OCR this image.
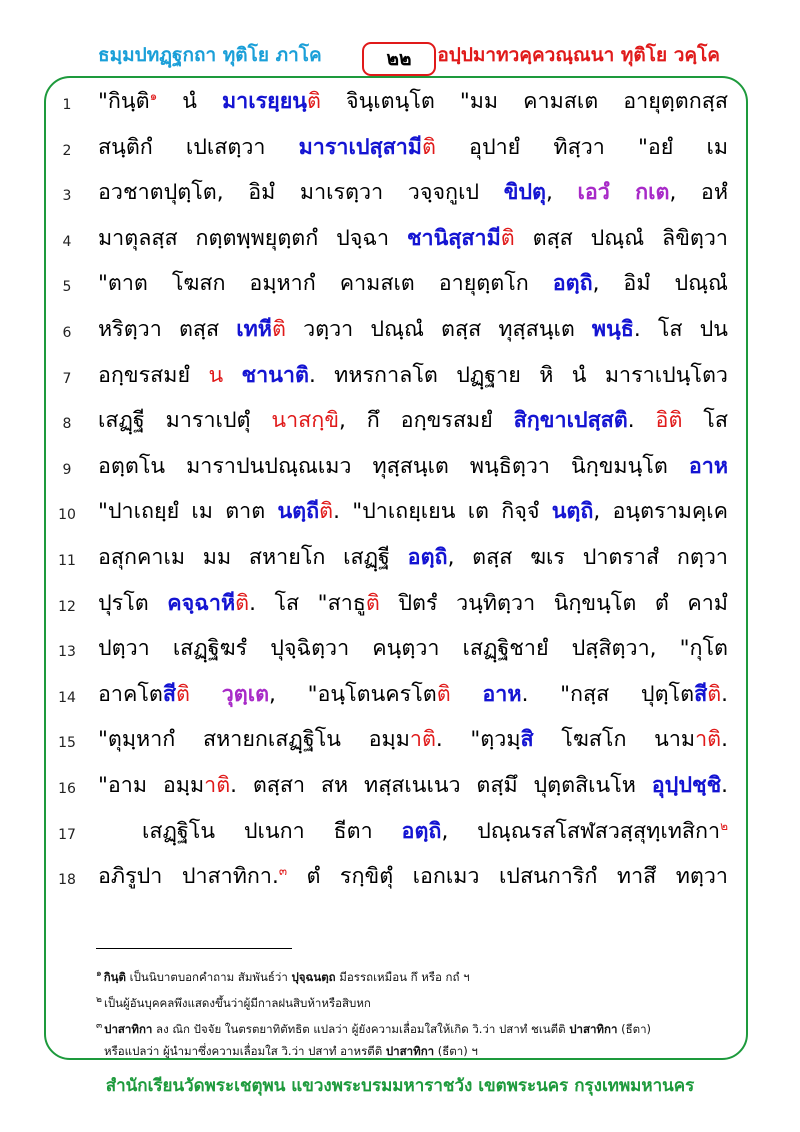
ธมฺมปทฏฺฐกถา ทุติโย ภาโค	๒๒	อปฺปมาทวคฺควณฺณนา ทุติโย วคฺโค
1	"กินฺติ$^๑$ นํ มาเรยฺยนฺติ จินฺเตนฺโต "มม คามสเต อายุตฺตกสฺส
2	สนฺติกํ เปเสตฺวา มาราเปสฺสามีติ อุปายํ ทิสฺวา "อยํ เม
3	อวชาตปุตฺโต, อิมํ มาเรตฺวา วจฺจกูเป ขิปตุ, เอวํ กเต, อหํ
4	มาตุลสฺส กตฺตพฺพยุตฺตกํ ปจฺฉา ชานิสฺสามีติ ตสฺส ปณฺณํ ลิขิตฺวา
5	"ตาต โฆสก อมฺหากํ คามสเต อายุตฺตโก อตฺถิ, อิมํ ปณฺณํ
6	หริตฺวา ตสฺส เทหีติ วตฺวา ปณฺณํ ตสฺส ทุสฺสนฺเต พนฺธิ. โส ปน
7	อกฺขรสมยํ น ชานาติ. ทหรกาลโต ปฏฺฐาย หิ นํ มาราเปนฺโตว
8	เสฏฺฐี มาราเปตุํ นาสกฺขิ, กึ อกฺขรสมยํ สิกฺขาเปสฺสติ. อิติ โส
9	อตฺตโน มาราปนปณฺณเมว ทุสฺสนฺเต พนฺธิตฺวา นิกฺขมนฺโต อาห
10	"ปาเถยฺยํ เม ตาต นตฺถีติ. "ปาเถยฺเยน เต กิจฺจํ นตฺถิ, อนฺตรามคฺเค
11	อสุกคาเม มม สหายโก เสฏฺฐี อตฺถิ, ตสฺส ฆเร ปาตราสํ กตฺวา
12	ปุรโต คจฺฉาหีติ. โส "สาธูติ ปิตรํ วนฺทิตฺวา นิกฺขนฺโต ตํ คามํ
13	ปตฺวา เสฏฺฐิฆรํ ปุจฺฉิตฺวา คนฺตฺวา เสฏฺฐิชายํ ปสฺสิตฺวา, "กุโต
14	อาคโตสีติ วุตฺเต, "อนฺโตนครโตติ อาห. "กสฺส ปุตฺโตสีติ.
15	"ตุมฺหากํ สหายกเสฏฺฐิโน อมฺมาติ. "ตฺวมฺสิ โฆสโก นามาติ.
16	"อาม อมฺมาติ. ตสฺสา สห ทสฺสเนเนว ตสฺมึ ปุตฺตสิเนโห อุปฺปชฺชิ.
17	เสฏฺฐิโน ปเนกา ธีตา อตฺถิ, ปณฺณรสโสฬสวสฺสุทฺเทสิกา$^๒$
18	อภิรูปา ปาสาทิกา.$^๓$ ตํ รกฺขิตุํ เอกเมว เปสนการิกํ ทาสึ ทตฺวา
$^๑$ กินฺติ เป็นนิบาตบอกคำถาม สัมพันธ์ว่า ปุจฺฉนตฺถ มีอรรถเหมือน กึ หรือ กถํ ฯ
$^๒$ เป็นผู้อันบุคคลพึงแสดงขึ้นว่าผู้มีกาลฝนสิบห้าหรือสิบหก
$^๓$ ปาสาทิกา ลง ณิก ปัจจัย ในตรตยาทิตัทธิต แปลว่า ผู้ยังความเลื่อมใสให้เกิด วิ.ว่า ปสาทํ ชเนตีติ ปาสาทิกา (ธีตา)
หรือแปลว่า ผู้นำมาซึ่งความเลื่อมใส วิ.ว่า ปสาทํ อาหรตีติ ปาสาทิกา (ธีตา) ฯ
สำนักเรียนวัดพระเชตุพน แขวงพระบรมมหาราชวัง เขตพระนคร กรุงเทพมหานคร
